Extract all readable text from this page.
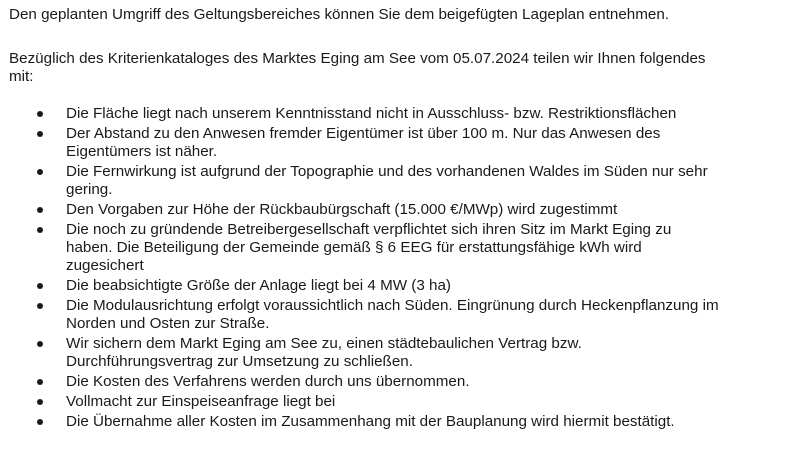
Den geplanten Umgriff des Geltungsbereiches können Sie dem beigefügten Lageplan entnehmen.

Bezüglich des Kriterienkataloges des Marktes Eging am See vom 05.07.2024 teilen wir Ihnen folgendes

mit:

Die Fläche liegt nach unserem Kenntnisstand nicht in Ausschluss- bzw. Restriktionsflächen
Der Abstand zu den Anwesen fremder Eigentümer ist über 100 m. Nur das Anwesen des
Eigentümers ist näher.
Die Fernwirkung ist aufgrund der Topographie und des vorhandenen Waldes im Süden nur sehr
gering.
Den Vorgaben zur Höhe der Rückbaubürgschaft (15.000 €/MWp) wird zugestimmt
Die noch zu gründende Betreibergesellschaft verpflichtet sich ihren Sitz im Markt Eging zu
haben. Die Beteiligung der Gemeinde gemäß § 6 EEG für erstattungsfähige kWh wird
zugesichert
Die beabsichtigte Größe der Anlage liegt bei 4 MW (3 ha)
Die Modulausrichtung erfolgt voraussichtlich nach Süden. Eingrünung durch Heckenpflanzung im
Norden und Osten zur Straße.
Wir sichern dem Markt Eging am See zu, einen städtebaulichen Vertrag bzw.
Durchführungsvertrag zur Umsetzung zu schließen.
Die Kosten des Verfahrens werden durch uns übernommen.
Vollmacht zur Einspeiseanfrage liegt bei
Die Übernahme aller Kosten im Zusammenhang mit der Bauplanung wird hiermit bestätigt.
